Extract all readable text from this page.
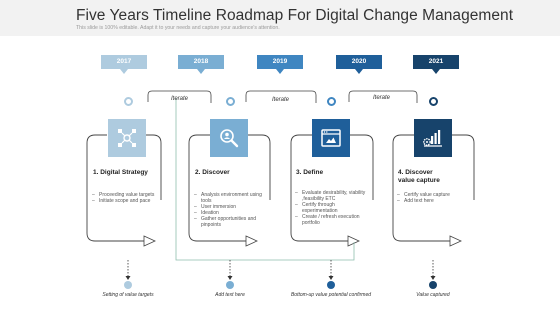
Five Years Timeline Roadmap For Digital Change Management
This slide is 100% editable. Adapt it to your needs and capture your audience's attention.
2017	2018	2019	2020	2021
Iterate	Iterate	Iterate
1. Digital Strategy	2. Discover	3. Define	4. Discover value capture
– Proceeding value targets
– Initiate scope and pace
– Analysis environment using tools
– User immersion
– Ideation
– Gather opportunities and pinpoints
– Evaluate desirability, viability ,feasibility ETC
– Certify through experimentation
– Create / refresh execution portfolio
– Certify value capture
– Add text here
Setting of value targets	Add text here	Bottom-up value potential confirmed	Value captured
